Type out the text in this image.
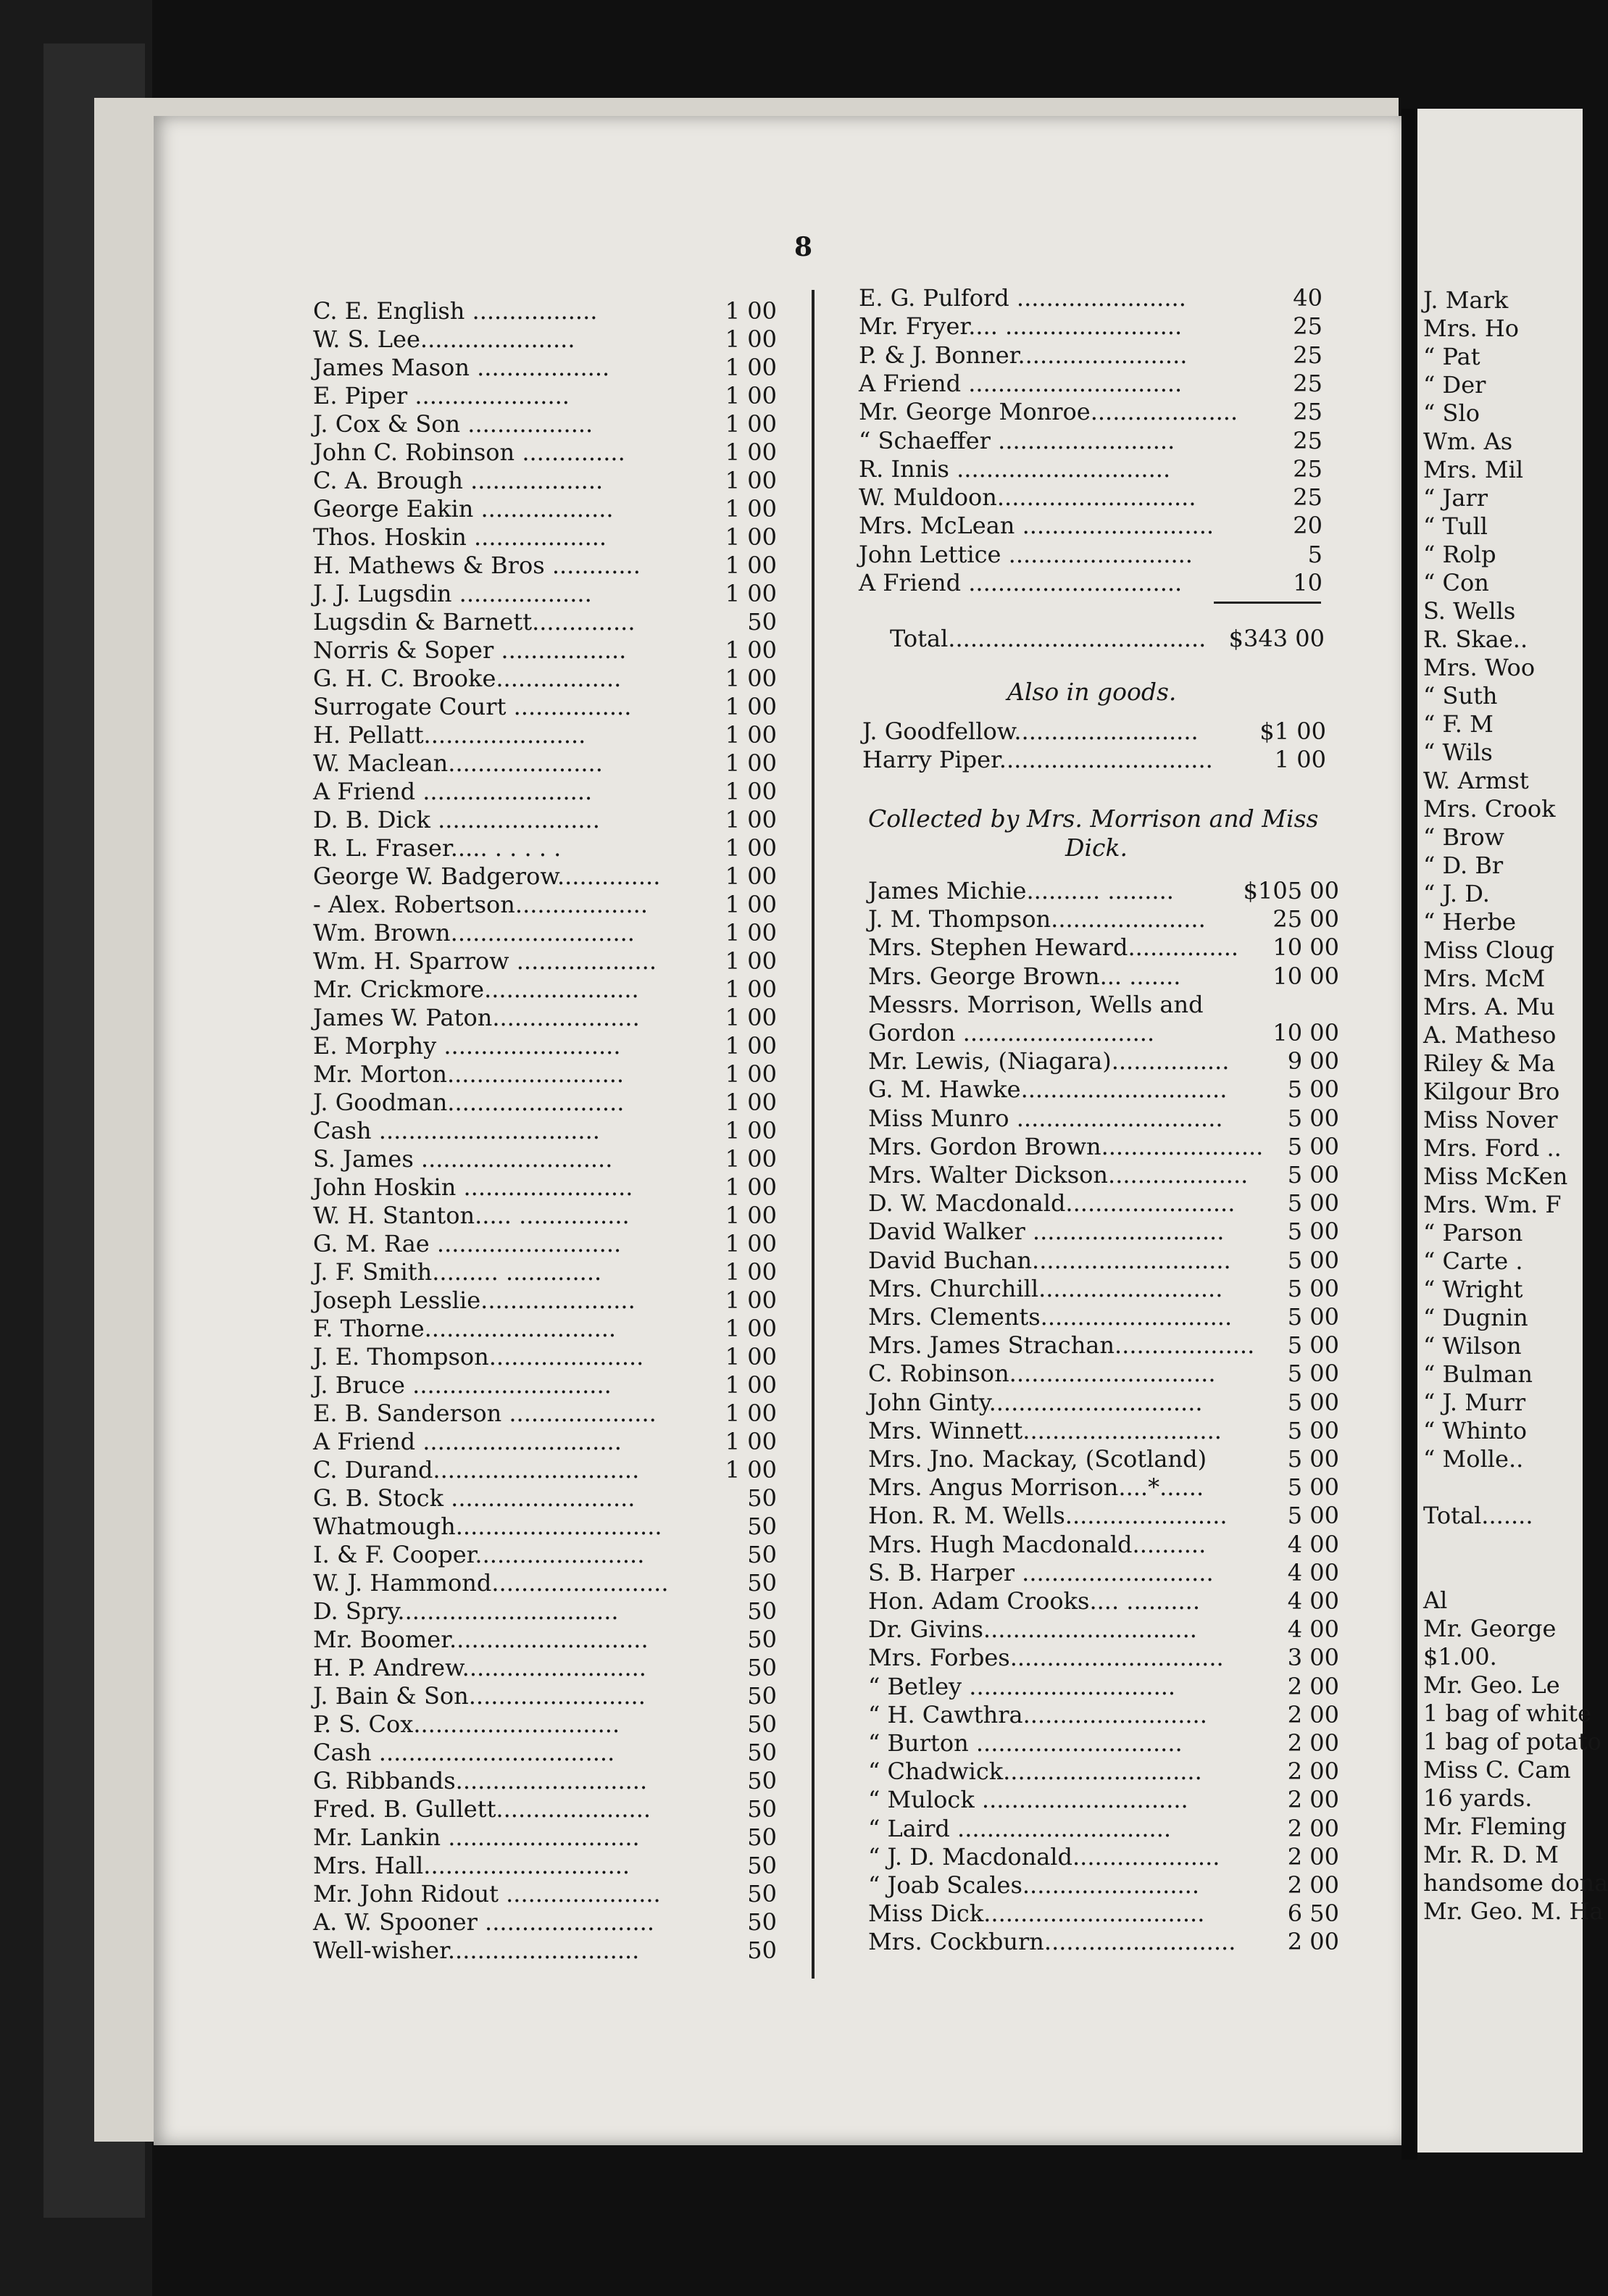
J. Mark
Mrs. Ho
“ Pat
“ Der
“ Slo
Wm. As
Mrs. Mil
“ Jarr
“ Tull
“ Rolp
“ Con
S. Wells
R. Skae..
Mrs. Woo
“ Suth
“ F. M
“ Wils
W. Armst
Mrs. Crook
“ Brow
“ D. Br
“ J. D.
“ Herbe
Miss Cloug
Mrs. McM
Mrs. A. Mu
A. Matheso
Riley & Ma
Kilgour Bro
Miss Nover
Mrs. Ford ..
Miss McKen
Mrs. Wm. F
“ Parson
“ Carte .
“ Wright
“ Dugnin
“ Wilson
“ Bulman
“ J. Murr
“ Whinto
“ Molle..
Total.......
Al
Mr. George
$1.00.
Mr. Geo. Le
1 bag of white
1 bag of potato
Miss C. Cam
16 yards.
Mr. Fleming
Mr. R. D. M
handsome dona
Mr. Geo. M. Ha
8
C. E. English .................	1 00
W. S. Lee.....................	1 00
James Mason ..................	1 00
E. Piper .....................	1 00
J. Cox & Son .................	1 00
John C. Robinson ..............	1 00
C. A. Brough ..................	1 00
George Eakin ..................	1 00
Thos. Hoskin ..................	1 00
H. Mathews & Bros ............	1 00
J. J. Lugsdin ..................	1 00
Lugsdin & Barnett..............	50
Norris & Soper .................	1 00
G. H. C. Brooke.................	1 00
Surrogate Court ................	1 00
H. Pellatt......................	1 00
W. Maclean.....................	1 00
A Friend .......................	1 00
D. B. Dick ......................	1 00
R. L. Fraser..... . . . . .	1 00
George W. Badgerow..............	1 00
- Alex. Robertson..................	1 00
Wm. Brown.........................	1 00
Wm. H. Sparrow ...................	1 00
Mr. Crickmore.....................	1 00
James W. Paton....................	1 00
E. Morphy ........................	1 00
Mr. Morton........................	1 00
J. Goodman........................	1 00
Cash ..............................	1 00
S. James ..........................	1 00
John Hoskin .......................	1 00
W. H. Stanton..... ...............	1 00
G. M. Rae .........................	1 00
J. F. Smith......... .............	1 00
Joseph Lesslie.....................	1 00
F. Thorne..........................	1 00
J. E. Thompson.....................	1 00
J. Bruce ...........................	1 00
E. B. Sanderson ....................	1 00
A Friend ...........................	1 00
C. Durand............................	1 00
G. B. Stock .........................	50
Whatmough............................	50
I. & F. Cooper.......................	50
W. J. Hammond........................	50
D. Spry..............................	50
Mr. Boomer...........................	50
H. P. Andrew.........................	50
J. Bain & Son........................	50
P. S. Cox............................	50
Cash ................................	50
G. Ribbands..........................	50
Fred. B. Gullett.....................	50
Mr. Lankin ..........................	50
Mrs. Hall............................	50
Mr. John Ridout .....................	50
A. W. Spooner .......................	50
Well-wisher..........................	50
E. G. Pulford .......................	40
Mr. Fryer.... ........................	25
P. & J. Bonner.......................	25
A Friend .............................	25
Mr. George Monroe....................	25
“ Schaeffer ........................	25
R. Innis .............................	25
W. Muldoon...........................	25
Mrs. McLean ..........................	20
John Lettice .........................	5
A Friend .............................	10
Total................................... $343 00
Also in goods.
J. Goodfellow.........................	$1 00
Harry Piper.............................	1 00
Collected by Mrs. Morrison and Miss
Dick.
James Michie.......... .........	$105 00
J. M. Thompson.....................	25 00
Mrs. Stephen Heward...............	10 00
Mrs. George Brown... .......	10 00
Messrs. Morrison, Wells and
Gordon ..........................	10 00
Mr. Lewis, (Niagara)................	9 00
G. M. Hawke............................	5 00
Miss Munro ............................	5 00
Mrs. Gordon Brown......................	5 00
Mrs. Walter Dickson...................	5 00
D. W. Macdonald.......................	5 00
David Walker ..........................	5 00
David Buchan...........................	5 00
Mrs. Churchill.........................	5 00
Mrs. Clements..........................	5 00
Mrs. James Strachan...................	5 00
C. Robinson............................	5 00
John Ginty.............................	5 00
Mrs. Winnett...........................	5 00
Mrs. Jno. Mackay, (Scotland)	5 00
Mrs. Angus Morrison....*......	5 00
Hon. R. M. Wells......................	5 00
Mrs. Hugh Macdonald..........	4 00
S. B. Harper ..........................	4 00
Hon. Adam Crooks.... ..........	4 00
Dr. Givins.............................	4 00
Mrs. Forbes.............................	3 00
“ Betley ............................	2 00
“ H. Cawthra.........................	2 00
“ Burton ............................	2 00
“ Chadwick...........................	2 00
“ Mulock ............................	2 00
“ Laird .............................	2 00
“ J. D. Macdonald....................	2 00
“ Joab Scales........................	2 00
Miss Dick..............................	6 50
Mrs. Cockburn..........................	2 00
